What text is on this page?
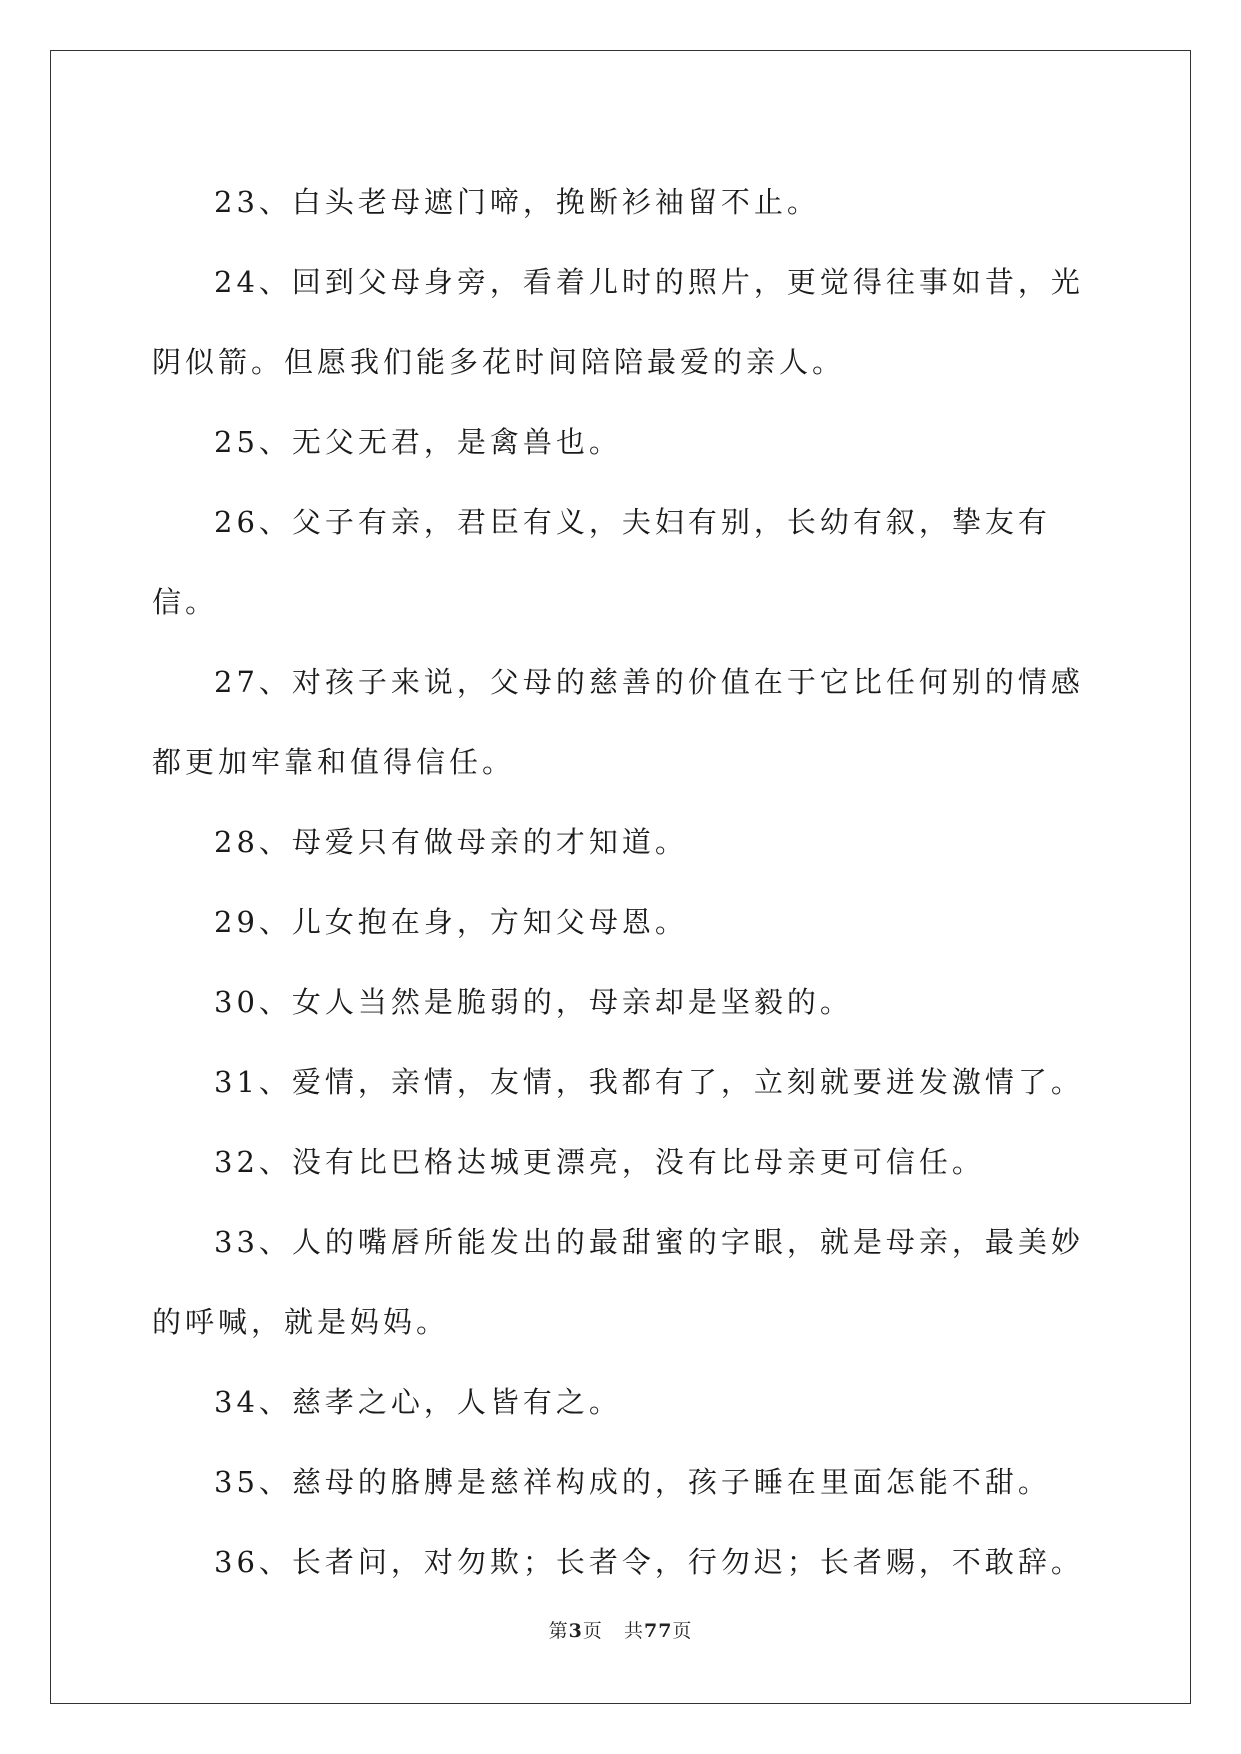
23、白头老母遮门啼，挽断衫袖留不止。

24、回到父母身旁，看着儿时的照片，更觉得往事如昔，光阴似箭。但愿我们能多花时间陪陪最爱的亲人。

25、无父无君，是禽兽也。

26、父子有亲，君臣有义，夫妇有别，长幼有叙，挚友有信。

27、对孩子来说，父母的慈善的价值在于它比任何别的情感都更加牢靠和值得信任。

28、母爱只有做母亲的才知道。

29、儿女抱在身，方知父母恩。

30、女人当然是脆弱的，母亲却是坚毅的。

31、爱情，亲情，友情，我都有了，立刻就要迸发激情了。

32、没有比巴格达城更漂亮，没有比母亲更可信任。

33、人的嘴唇所能发出的最甜蜜的字眼，就是母亲，最美妙的呼喊，就是妈妈。

34、慈孝之心，人皆有之。

35、慈母的胳膊是慈祥构成的，孩子睡在里面怎能不甜。

36、长者问，对勿欺；长者令，行勿迟；长者赐，不敢辞。

第3页 共77页
